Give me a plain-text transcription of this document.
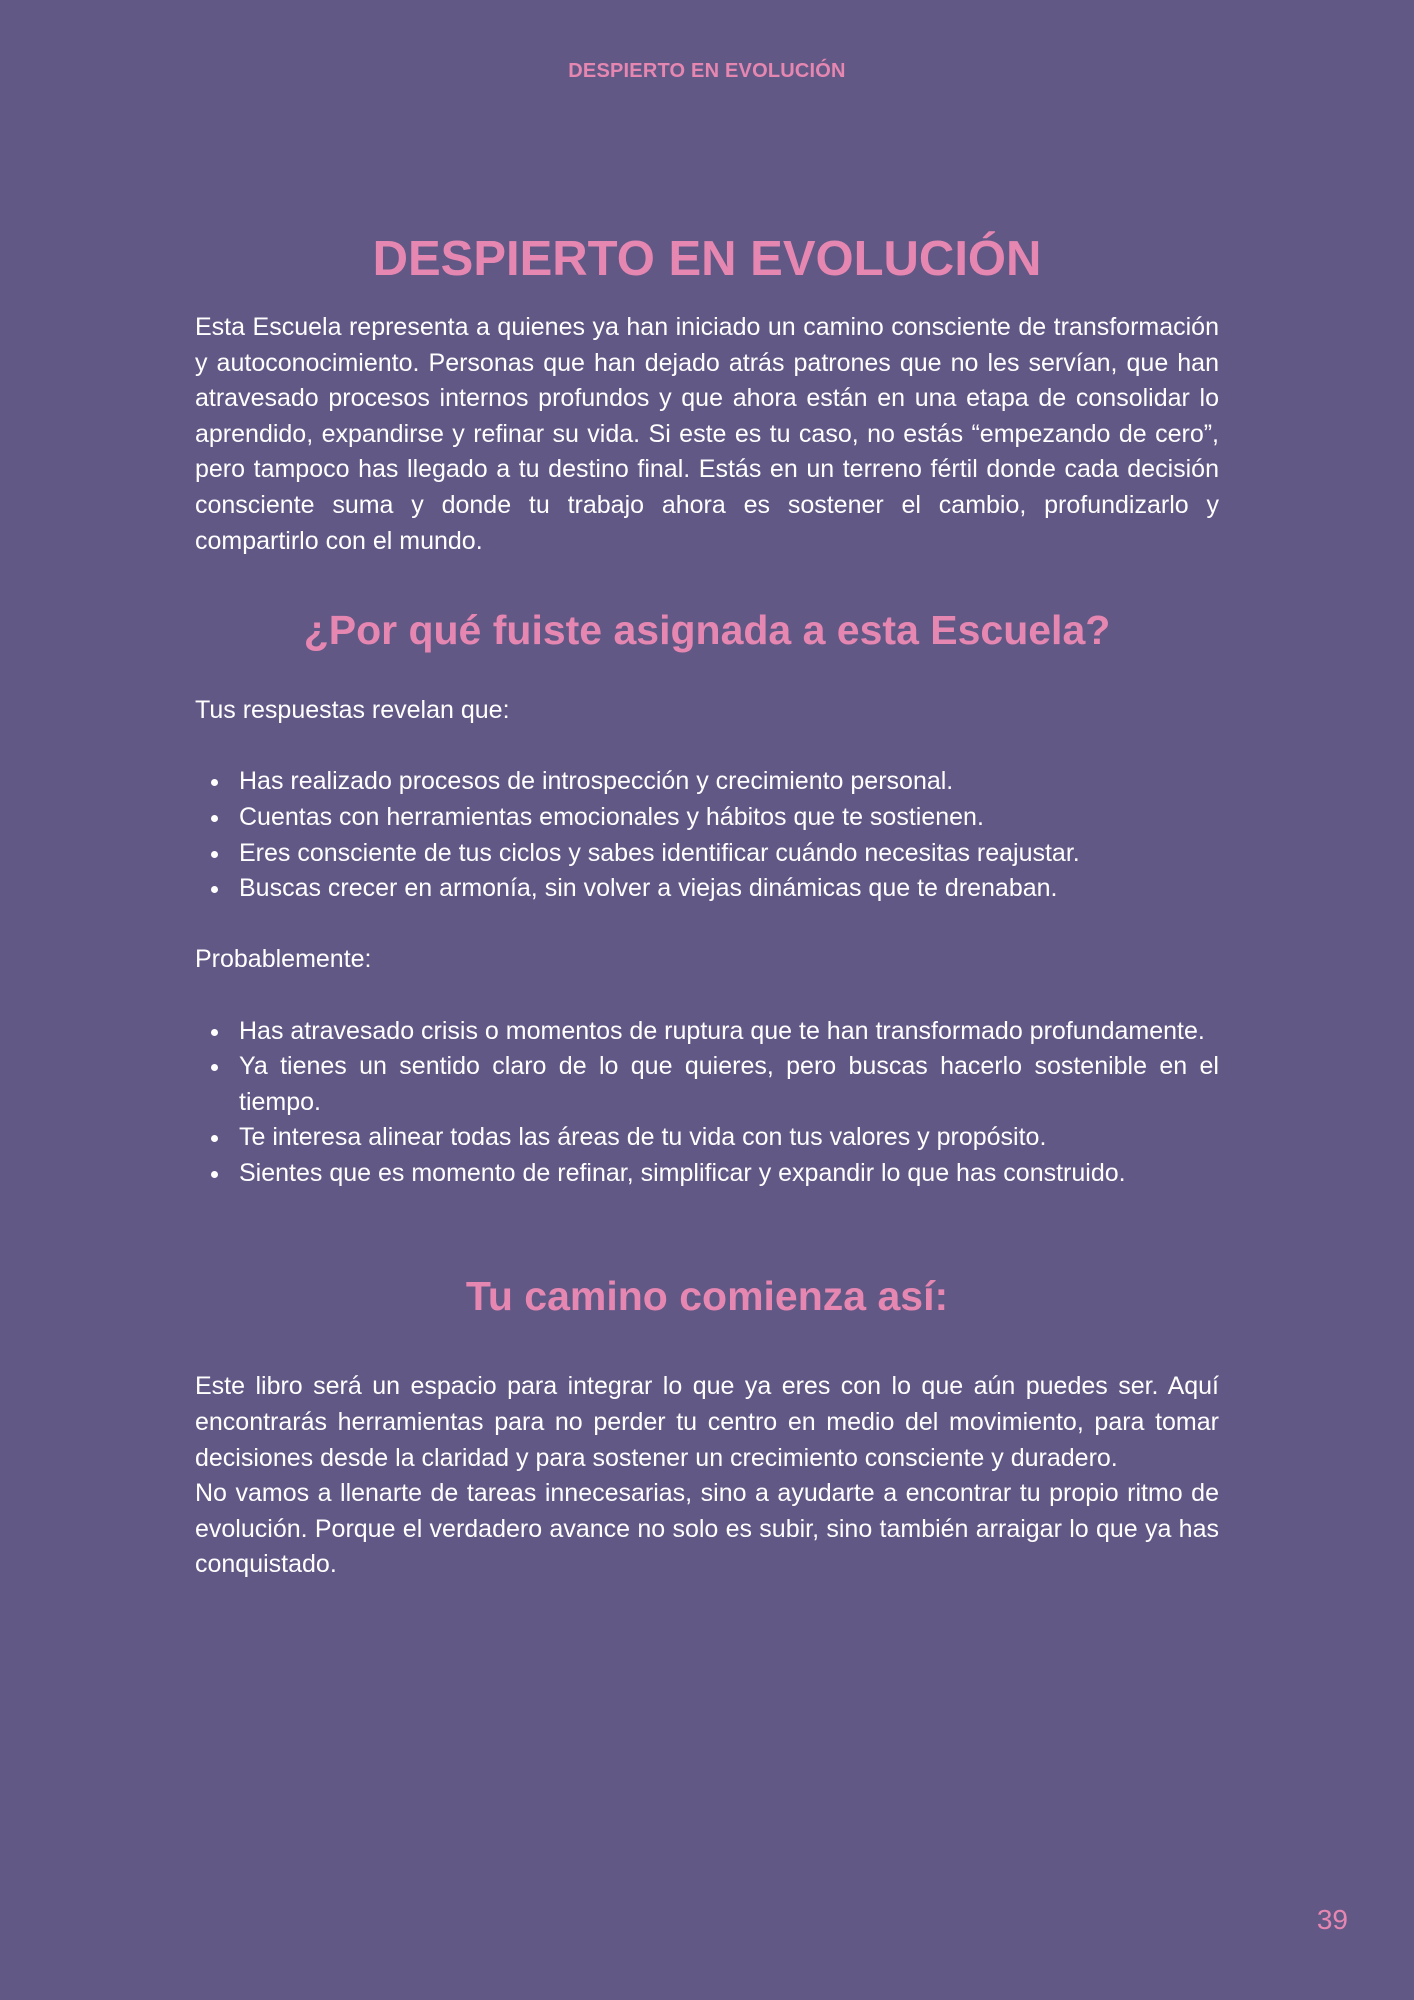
DESPIERTO EN EVOLUCIÓN
DESPIERTO EN EVOLUCIÓN

Esta Escuela representa a quienes ya han iniciado un camino consciente de transformación y autoconocimiento. Personas que han dejado atrás patrones que no les servían, que han atravesado procesos internos profundos y que ahora están en una etapa de consolidar lo aprendido, expandirse y refinar su vida. Si este es tu caso, no estás “empezando de cero”, pero tampoco has llegado a tu destino final. Estás en un terreno fértil donde cada decisión consciente suma y donde tu trabajo ahora es sostener el cambio, profundizarlo y compartirlo con el mundo.

¿Por qué fuiste asignada a esta Escuela?

Tus respuestas revelan que:

Has realizado procesos de introspección y crecimiento personal.
Cuentas con herramientas emocionales y hábitos que te sostienen.
Eres consciente de tus ciclos y sabes identificar cuándo necesitas reajustar.
Buscas crecer en armonía, sin volver a viejas dinámicas que te drenaban.

Probablemente:

Has atravesado crisis o momentos de ruptura que te han transformado profundamente.
Ya tienes un sentido claro de lo que quieres, pero buscas hacerlo sostenible en el tiempo.
Te interesa alinear todas las áreas de tu vida con tus valores y propósito.
Sientes que es momento de refinar, simplificar y expandir lo que has construido.
Tu camino comienza así:

Este libro será un espacio para integrar lo que ya eres con lo que aún puedes ser. Aquí encontrarás herramientas para no perder tu centro en medio del movimiento, para tomar decisiones desde la claridad y para sostener un crecimiento consciente y duradero.

No vamos a llenarte de tareas innecesarias, sino a ayudarte a encontrar tu propio ritmo de evolución. Porque el verdadero avance no solo es subir, sino también arraigar lo que ya has conquistado.

39
